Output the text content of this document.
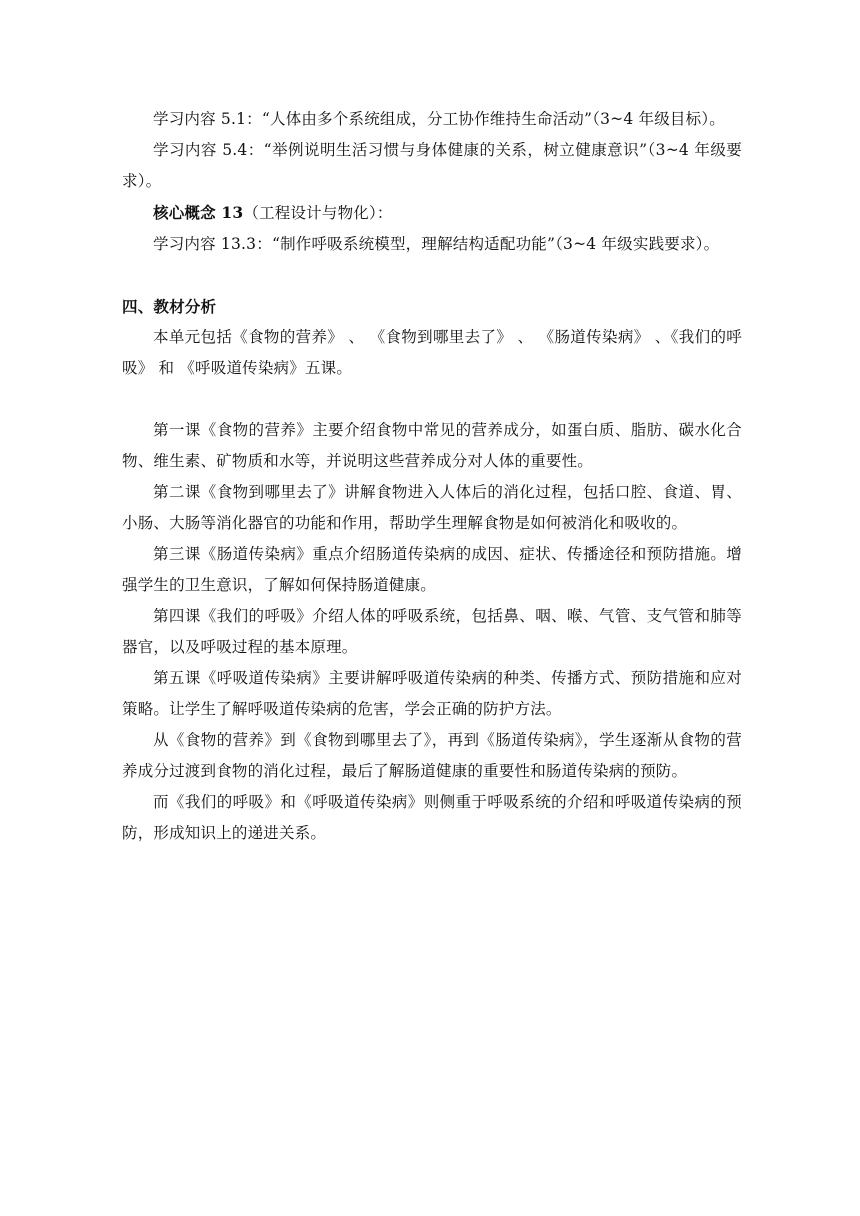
学习内容 5.1：“人体由多个系统组成，分工协作维持生命活动”（3~4 年级目标）。

学习内容 5.4：“举例说明生活习惯与身体健康的关系，树立健康意识”（3~4 年级要求）。

核心概念 13（工程设计与物化）：

学习内容 13.3：“制作呼吸系统模型，理解结构适配功能”（3~4 年级实践要求）。

四、教材分析

本单元包括《食物的营养》 、 《食物到哪里去了》 、 《肠道传染病》 、《我们的呼吸》 和 《呼吸道传染病》五课。

第一课《食物的营养》主要介绍食物中常见的营养成分，如蛋白质、脂肪、碳水化合物、维生素、矿物质和水等，并说明这些营养成分对人体的重要性。

第二课《食物到哪里去了》讲解食物进入人体后的消化过程，包括口腔、食道、胃、小肠、大肠等消化器官的功能和作用，帮助学生理解食物是如何被消化和吸收的。

第三课《肠道传染病》重点介绍肠道传染病的成因、症状、传播途径和预防措施。增强学生的卫生意识，了解如何保持肠道健康。

第四课《我们的呼吸》介绍人体的呼吸系统，包括鼻、咽、喉、气管、支气管和肺等器官，以及呼吸过程的基本原理。

第五课《呼吸道传染病》主要讲解呼吸道传染病的种类、传播方式、预防措施和应对策略。让学生了解呼吸道传染病的危害，学会正确的防护方法。

从《食物的营养》到《食物到哪里去了》，再到《肠道传染病》，学生逐渐从食物的营养成分过渡到食物的消化过程，最后了解肠道健康的重要性和肠道传染病的预防。

而《我们的呼吸》和《呼吸道传染病》则侧重于呼吸系统的介绍和呼吸道传染病的预防，形成知识上的递进关系。
